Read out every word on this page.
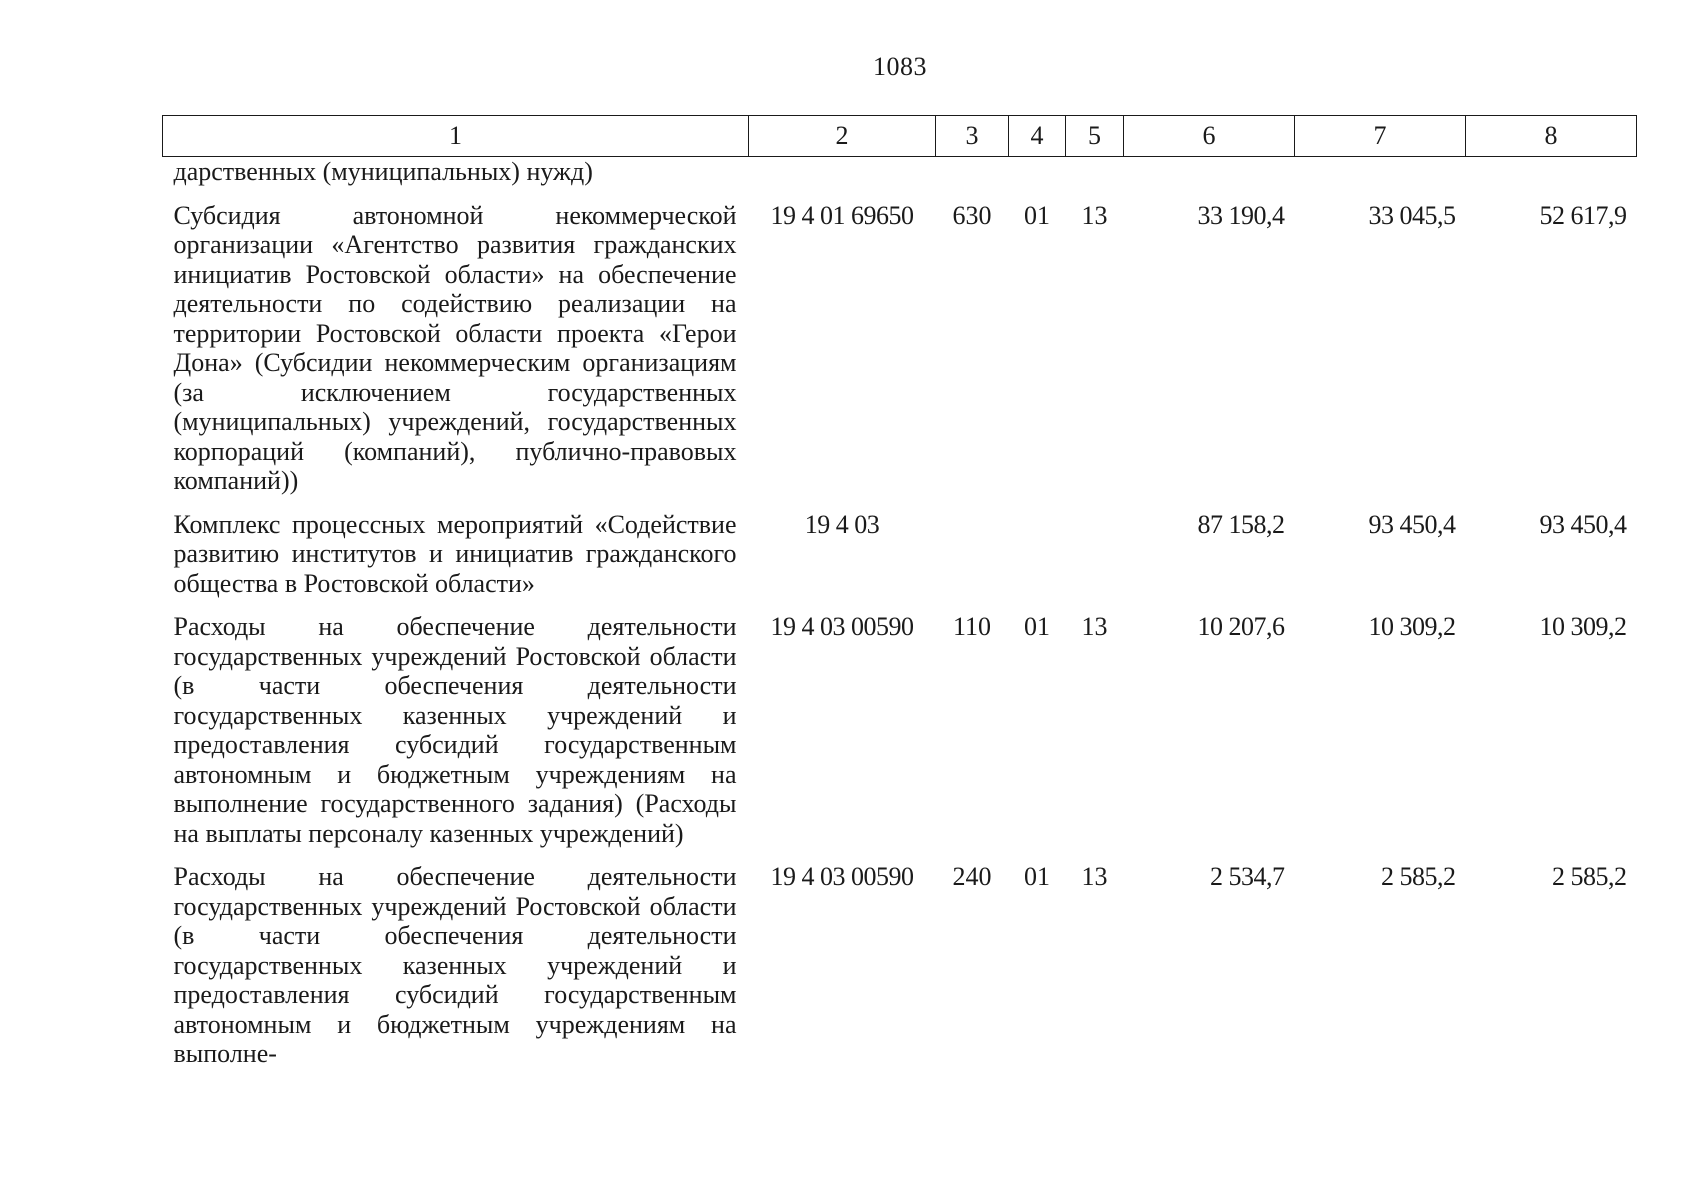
1083
1	2	3	4	5	6	7	8
дарственных (муниципальных) нужд)							
Субсидия автономной некоммерческой организации «Агентство развития гражданских инициатив Ростовской области» на обеспечение деятельности по содействию реализации на территории Ростовской области проекта «Герои Дона» (Субсидии некоммерческим организациям (за исключением государственных (муниципальных) учреждений, государственных корпораций (компаний), публично-правовых компаний))	19 4 01 69650	630	01	13	33 190,4	33 045,5	52 617,9
Комплекс процессных мероприятий «Содействие развитию институтов и инициатив гражданского общества в Ростовской области»	19 4 03				87 158,2	93 450,4	93 450,4
Расходы на обеспечение деятельности государственных учреждений Ростовской области (в части обеспечения деятельности государственных казенных учреждений и предоставления субсидий государственным автономным и бюджетным учреждениям на выполнение государственного задания) (Расходы на выплаты персоналу казенных учреждений)	19 4 03 00590	110	01	13	10 207,6	10 309,2	10 309,2
Расходы на обеспечение деятельности государственных учреждений Ростовской области (в части обеспечения деятельности государственных казенных учреждений и предоставления субсидий государственным автономным и бюджетным учреждениям на выполне-	19 4 03 00590	240	01	13	2 534,7	2 585,2	2 585,2
